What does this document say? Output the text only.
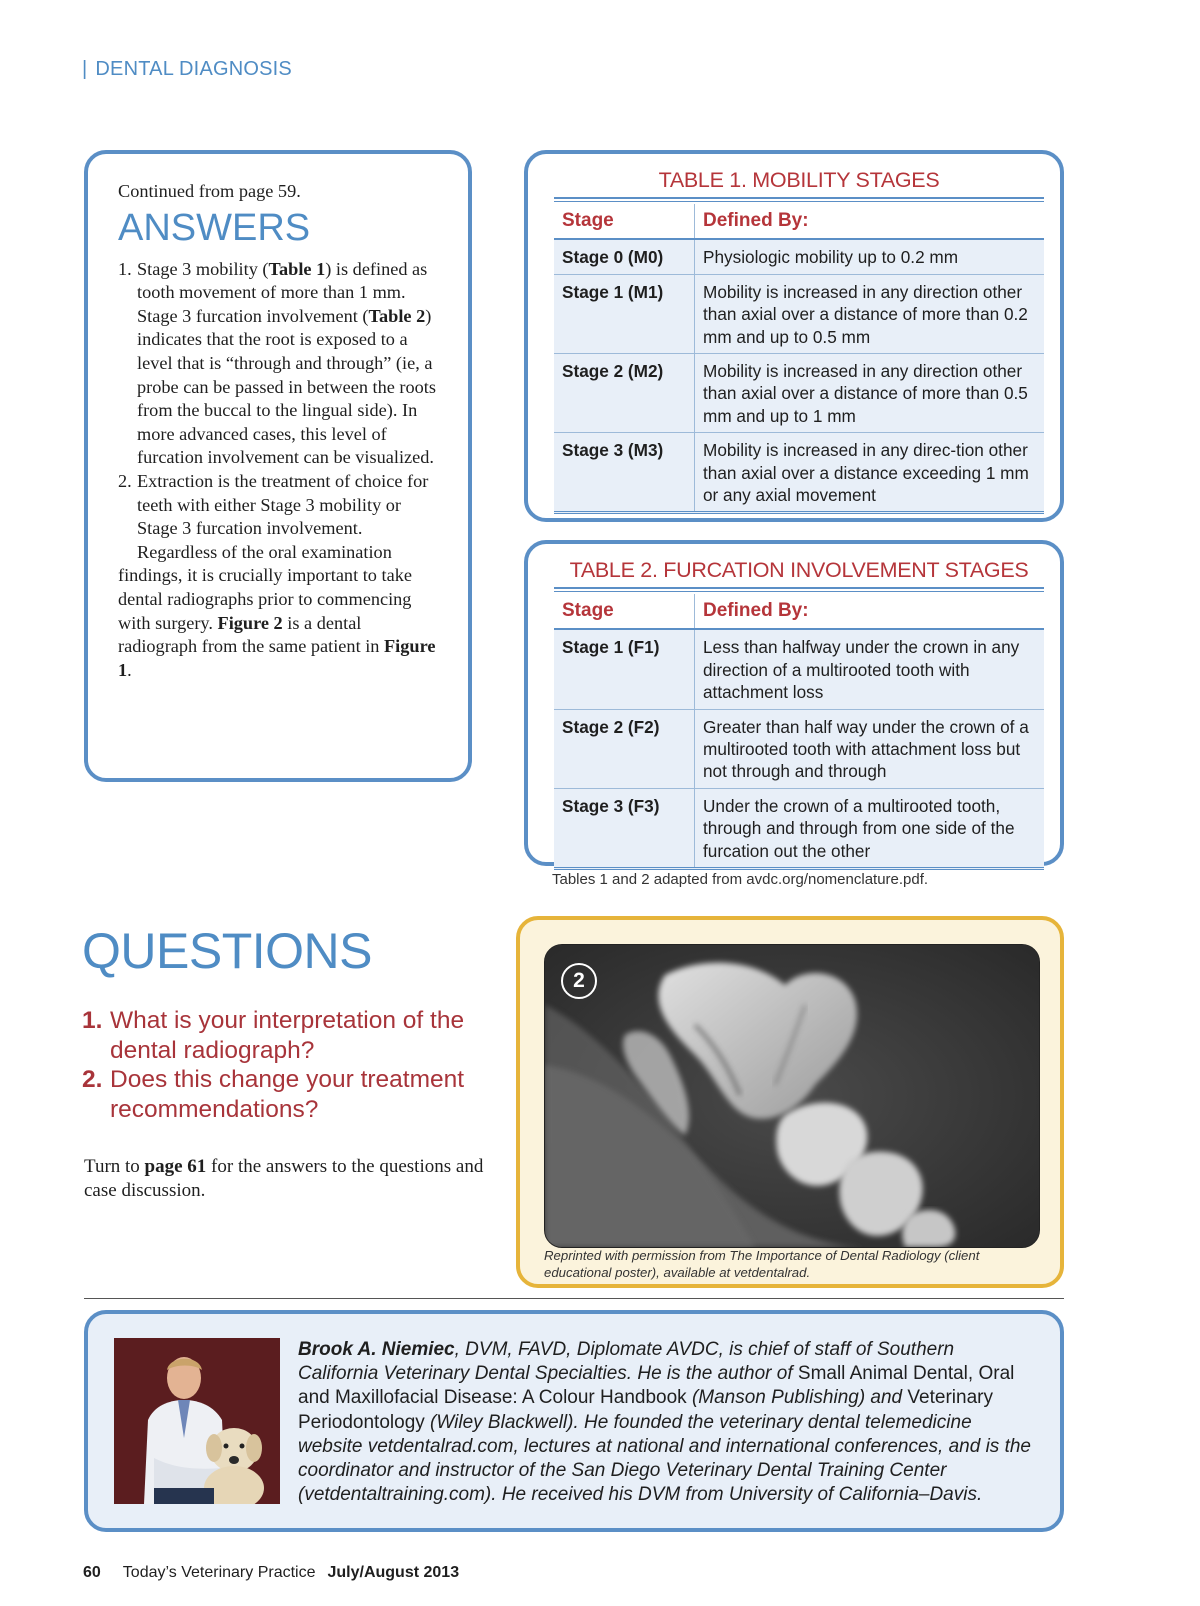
| DENTAL DIAGNOSIS

Continued from page 59.

ANSWERS

1. Stage 3 mobility (Table 1) is defined as tooth movement of more than 1 mm. Stage 3 furcation involvement (Table 2) indicates that the root is exposed to a level that is “through and through” (ie, a probe can be passed in between the roots from the buccal to the lingual side). In more advanced cases, this level of furcation involvement can be visualized.

2. Extraction is the treatment of choice for teeth with either Stage 3 mobility or Stage 3 furcation involvement.

Regardless of the oral examination findings, it is crucially important to take dental radiographs prior to commencing with surgery. Figure 2 is a dental radiograph from the same patient in Figure 1.

TABLE 1. MOBILITY STAGES
Stage	Defined By:
Stage 0 (M0)	Physiologic mobility up to 0.2 mm
Stage 1 (M1)	Mobility is increased in any direction other than axial over a distance of more than 0.2 mm and up to 0.5 mm
Stage 2 (M2)	Mobility is increased in any direction other than axial over a distance of more than 0.5 mm and up to 1 mm
Stage 3 (M3)	Mobility is increased in any direc-tion other than axial over a distance exceeding 1 mm or any axial movement
TABLE 2. FURCATION INVOLVEMENT STAGES
Stage	Defined By:
Stage 1 (F1)	Less than halfway under the crown in any direction of a multirooted tooth with attachment loss
Stage 2 (F2)	Greater than half way under the crown of a multirooted tooth with attachment loss but not through and through
Stage 3 (F3)	Under the crown of a multirooted tooth, through and through from one side of the furcation out the other
Tables 1 and 2 adapted from avdc.org/nomenclature.pdf.
QUESTIONS

1. What is your interpretation of the dental radiograph?

2. Does this change your treatment recommendations?

Turn to page 61 for the answers to the questions and case discussion.
2
Reprinted with permission from The Importance of Dental Radiology (client educational poster), available at vetdentalrad.
Brook A. Niemiec, DVM, FAVD, Diplomate AVDC, is chief of staff of Southern California Veterinary Dental Specialties. He is the author of Small Animal Dental, Oral and Maxillofacial Disease: A Colour Handbook (Manson Publishing) and Veterinary Periodontology (Wiley Blackwell). He founded the veterinary dental telemedicine website vetdentalrad.com, lectures at national and international conferences, and is the coordinator and instructor of the San Diego Veterinary Dental Training Center (vetdentaltraining.com). He received his DVM from University of California–Davis.
60 Today’s Veterinary Practice July/August 2013
